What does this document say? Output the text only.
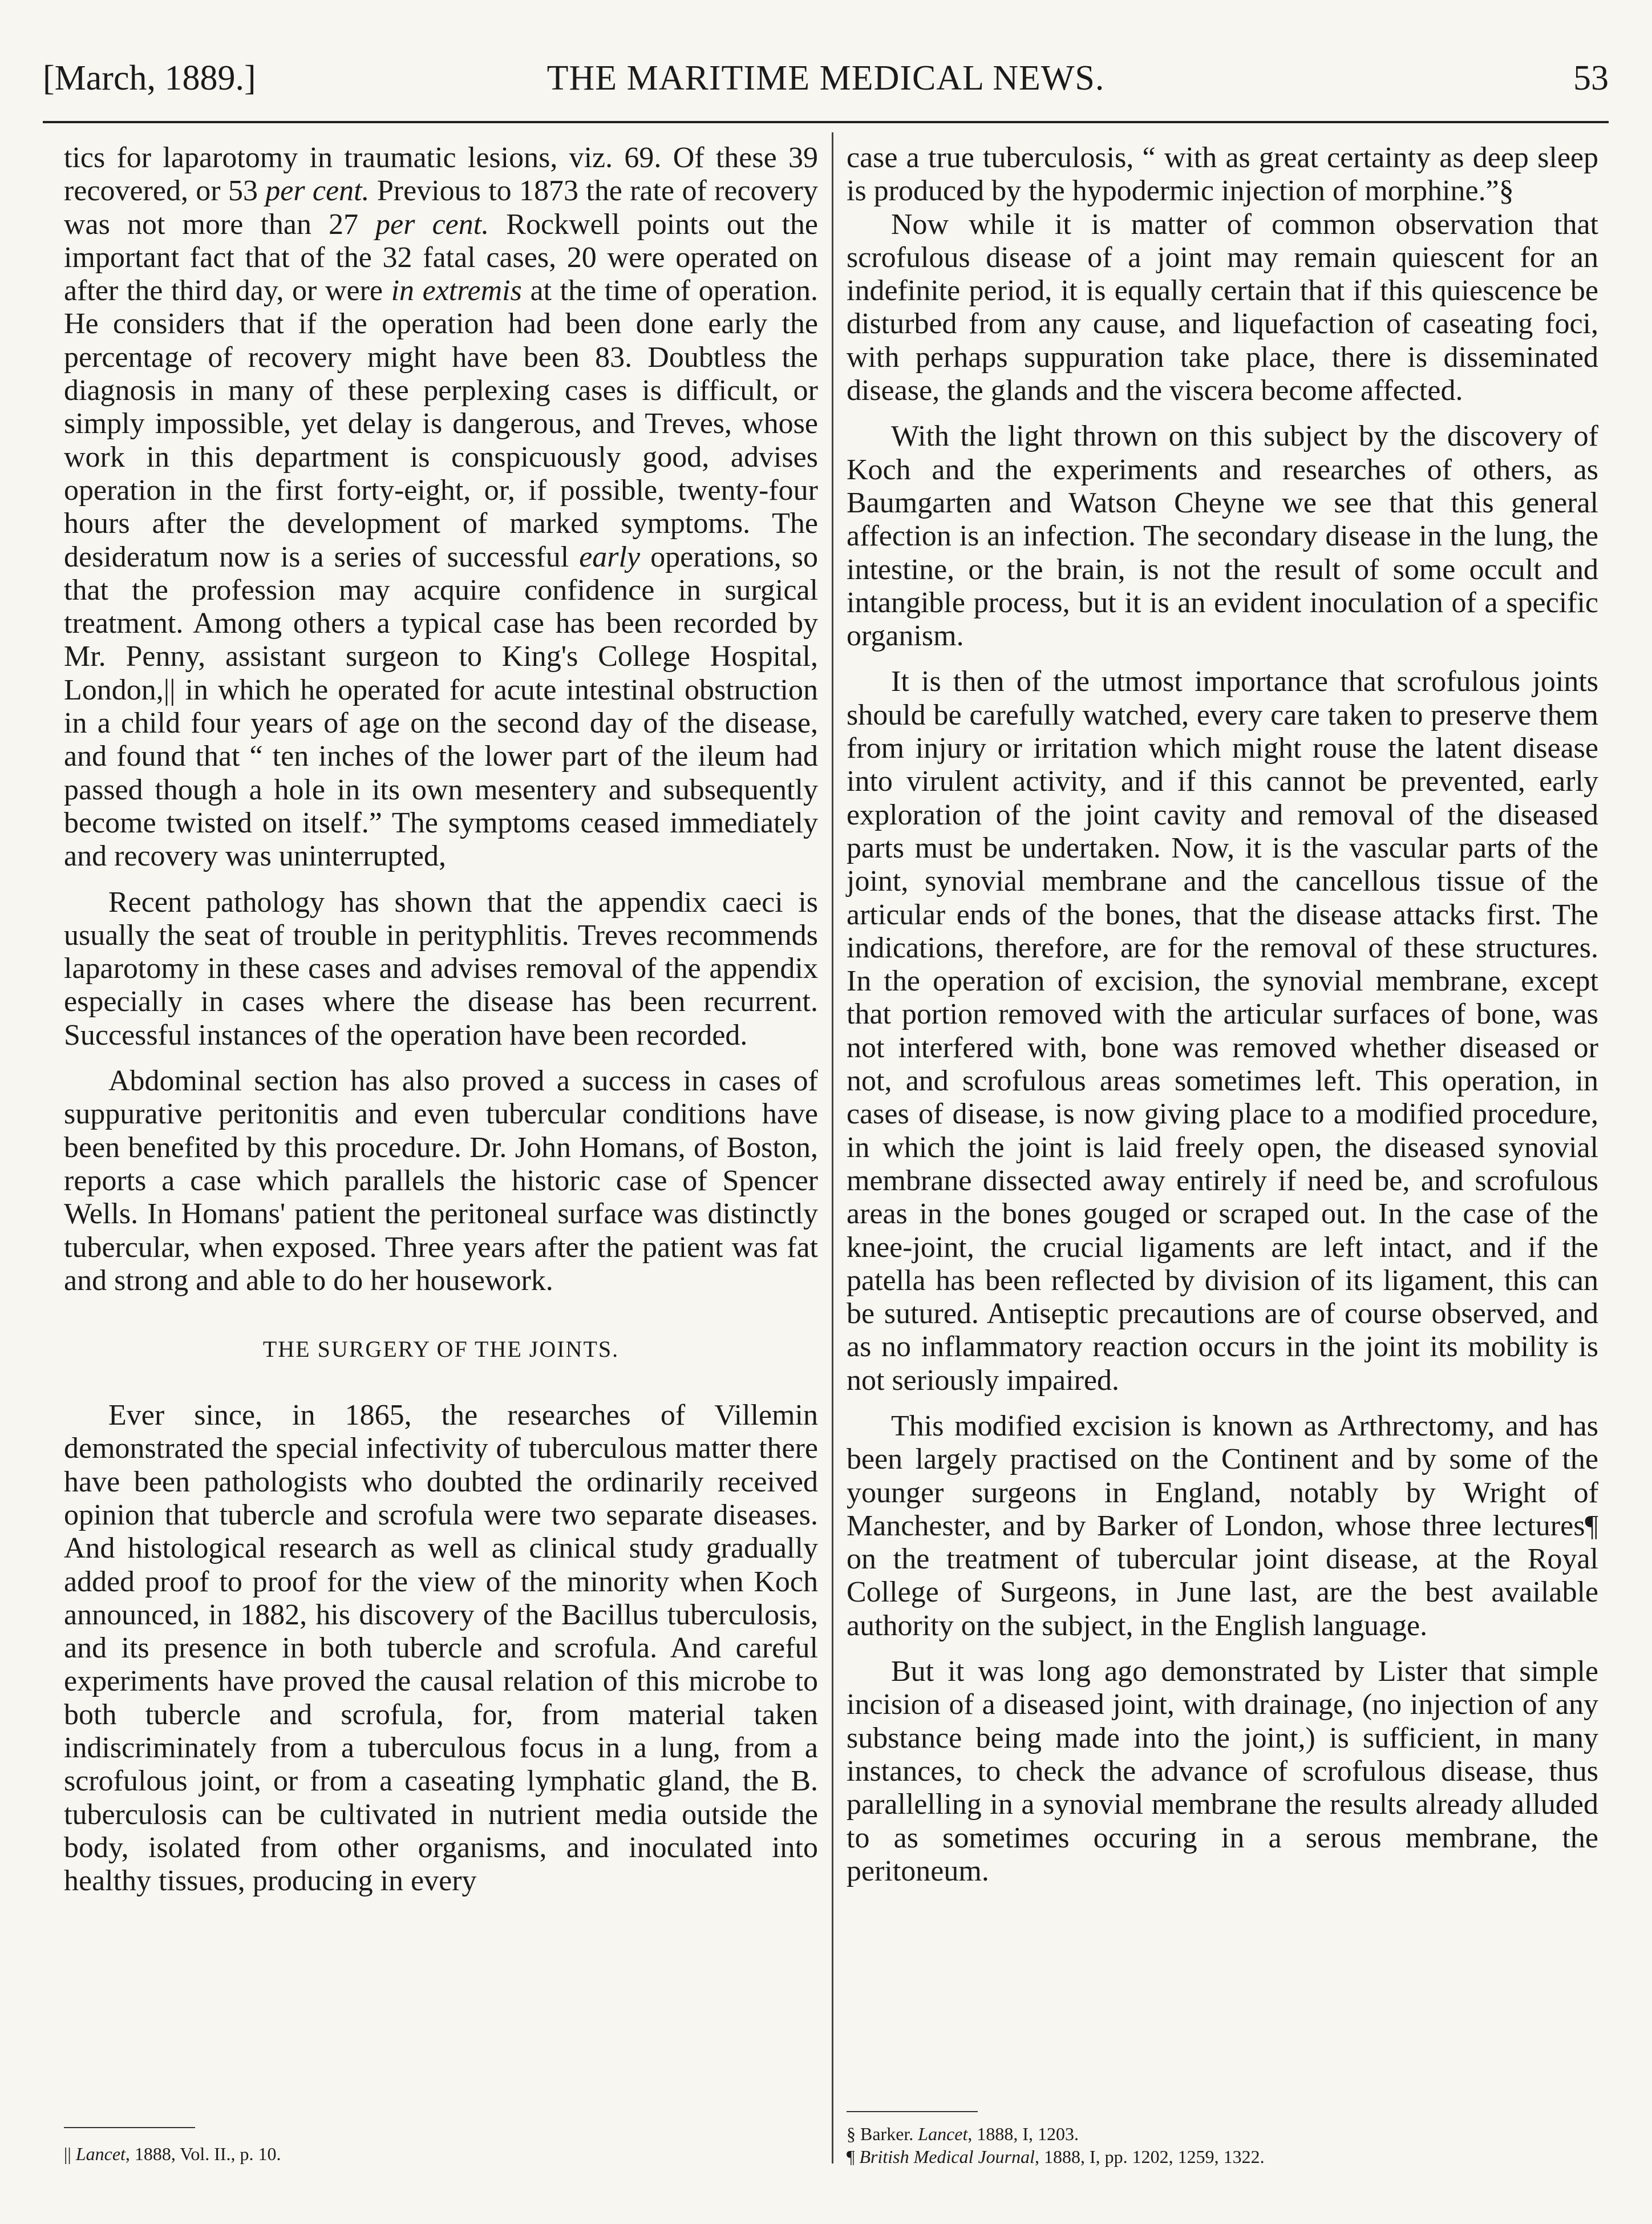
[March, 1889.]	THE MARITIME MEDICAL NEWS.	53

tics for laparotomy in traumatic lesions, viz. 69. Of these 39 recovered, or 53 per cent. Previous to 1873 the rate of recovery was not more than 27 per cent. Rockwell points out the important fact that of the 32 fatal cases, 20 were operated on after the third day, or were in extremis at the time of operation. He considers that if the operation had been done early the percentage of recovery might have been 83. Doubtless the diagnosis in many of these perplexing cases is difficult, or simply impossible, yet delay is dangerous, and Treves, whose work in this department is conspicuously good, advises operation in the first forty-eight, or, if possible, twenty-four hours after the development of marked symptoms. The desideratum now is a series of successful early operations, so that the profession may acquire confidence in surgical treatment. Among others a typical case has been recorded by Mr. Penny, assistant surgeon to King's College Hospital, London,|| in which he operated for acute intestinal obstruction in a child four years of age on the second day of the disease, and found that “ ten inches of the lower part of the ileum had passed though a hole in its own mesentery and subsequently become twisted on itself.” The symptoms ceased immediately and recovery was uninterrupted,

Recent pathology has shown that the appendix caeci is usually the seat of trouble in perityphlitis. Treves recommends laparotomy in these cases and advises removal of the appendix especially in cases where the disease has been recurrent. Successful instances of the operation have been recorded.

Abdominal section has also proved a success in cases of suppurative peritonitis and even tubercular conditions have been benefited by this procedure. Dr. John Homans, of Boston, reports a case which parallels the historic case of Spencer Wells. In Homans' patient the peritoneal surface was distinctly tubercular, when exposed. Three years after the patient was fat and strong and able to do her housework.

THE SURGERY OF THE JOINTS.

Ever since, in 1865, the researches of Villemin demonstrated the special infectivity of tuberculous matter there have been pathologists who doubted the ordinarily received opinion that tubercle and scrofula were two separate diseases. And histological research as well as clinical study gradually added proof to proof for the view of the minority when Koch announced, in 1882, his discovery of the Bacillus tuberculosis, and its presence in both tubercle and scrofula. And careful experiments have proved the causal relation of this microbe to both tubercle and scrofula, for, from material taken indiscriminately from a tuberculous focus in a lung, from a scrofulous joint, or from a caseating lymphatic gland, the B. tuberculosis can be cultivated in nutrient media outside the body, isolated from other organisms, and inoculated into healthy tissues, producing in every

|| Lancet, 1888, Vol. II., p. 10.

case a true tuberculosis, “ with as great certainty as deep sleep is produced by the hypodermic injection of morphine.”§

Now while it is matter of common observation that scrofulous disease of a joint may remain quiescent for an indefinite period, it is equally certain that if this quiescence be disturbed from any cause, and liquefaction of caseating foci, with perhaps suppuration take place, there is disseminated disease, the glands and the viscera become affected.

With the light thrown on this subject by the discovery of Koch and the experiments and researches of others, as Baumgarten and Watson Cheyne we see that this general affection is an infection. The secondary disease in the lung, the intestine, or the brain, is not the result of some occult and intangible process, but it is an evident inoculation of a specific organism.

It is then of the utmost importance that scrofulous joints should be carefully watched, every care taken to preserve them from injury or irritation which might rouse the latent disease into virulent activity, and if this cannot be prevented, early exploration of the joint cavity and removal of the diseased parts must be undertaken. Now, it is the vascular parts of the joint, synovial membrane and the cancellous tissue of the articular ends of the bones, that the disease attacks first. The indications, therefore, are for the removal of these structures. In the operation of excision, the synovial membrane, except that portion removed with the articular surfaces of bone, was not interfered with, bone was removed whether diseased or not, and scrofulous areas sometimes left. This operation, in cases of disease, is now giving place to a modified procedure, in which the joint is laid freely open, the diseased synovial membrane dissected away entirely if need be, and scrofulous areas in the bones gouged or scraped out. In the case of the knee-joint, the crucial ligaments are left intact, and if the patella has been reflected by division of its ligament, this can be sutured. Antiseptic precautions are of course observed, and as no inflammatory reaction occurs in the joint its mobility is not seriously impaired.

This modified excision is known as Arthrectomy, and has been largely practised on the Continent and by some of the younger surgeons in England, notably by Wright of Manchester, and by Barker of London, whose three lectures¶ on the treatment of tubercular joint disease, at the Royal College of Surgeons, in June last, are the best available authority on the subject, in the English language.

But it was long ago demonstrated by Lister that simple incision of a diseased joint, with drainage, (no injection of any substance being made into the joint,) is sufficient, in many instances, to check the advance of scrofulous disease, thus parallelling in a synovial membrane the results already alluded to as sometimes occuring in a serous membrane, the peritoneum.

§ Barker. Lancet, 1888, I, 1203.
¶ British Medical Journal, 1888, I, pp. 1202, 1259, 1322.
